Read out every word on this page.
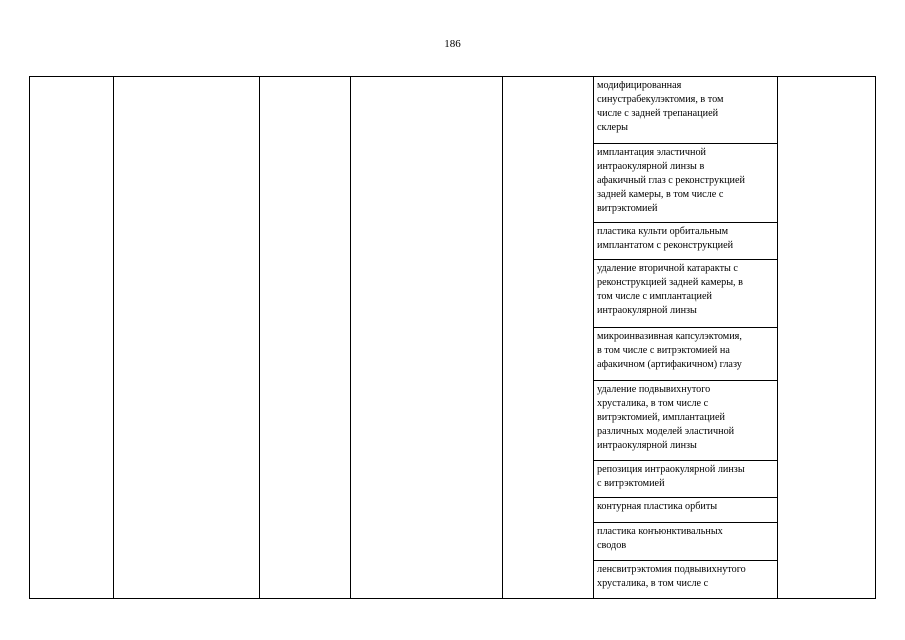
186
модифицированная
синустрабекулэктомия, в том
числе с задней трепанацией
склеры
имплантация эластичной
интраокулярной линзы в
афакичный глаз с реконструкцией
задней камеры, в том числе с
витрэктомией
пластика культи орбитальным
имплантатом с реконструкцией
удаление вторичной катаракты с
реконструкцией задней камеры, в
том числе с имплантацией
интраокулярной линзы
микроинвазивная капсулэктомия,
в том числе с витрэктомией на
афакичном (артифакичном) глазу
удаление подвывихнутого
хрусталика, в том числе с
витрэктомией, имплантацией
различных моделей эластичной
интраокулярной линзы
репозиция интраокулярной линзы
с витрэктомией
контурная пластика орбиты
пластика конъюнктивальных
сводов
ленсвитрэктомия подвывихнутого
хрусталика, в том числе с
